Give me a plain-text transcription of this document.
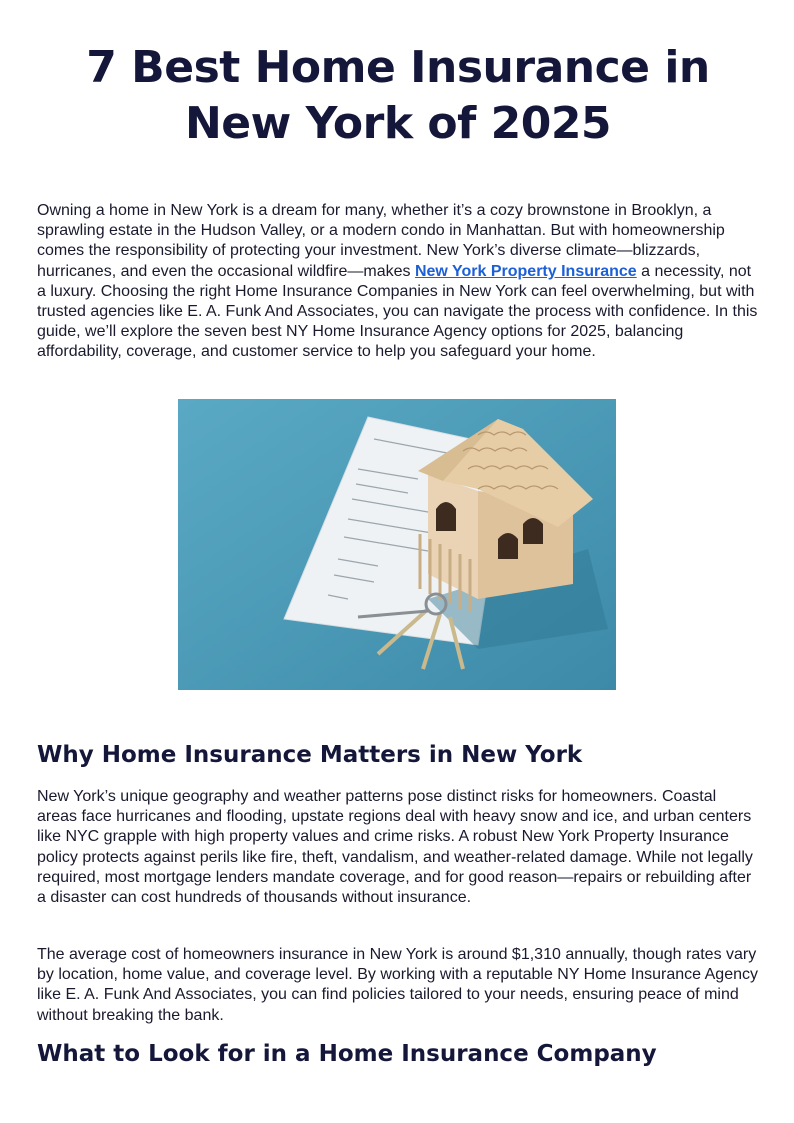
7 Best Home Insurance in New York of 2025

Owning a home in New York is a dream for many, whether it’s a cozy brownstone in Brooklyn, a sprawling estate in the Hudson Valley, or a modern condo in Manhattan. But with homeownership comes the responsibility of protecting your investment. New York’s diverse climate—blizzards, hurricanes, and even the occasional wildfire—makes New York Property Insurance a necessity, not a luxury. Choosing the right Home Insurance Companies in New York can feel overwhelming, but with trusted agencies like E. A. Funk And Associates, you can navigate the process with confidence. In this guide, we’ll explore the seven best NY Home Insurance Agency options for 2025, balancing affordability, coverage, and customer service to help you safeguard your home.

Why Home Insurance Matters in New York

New York’s unique geography and weather patterns pose distinct risks for homeowners. Coastal areas face hurricanes and flooding, upstate regions deal with heavy snow and ice, and urban centers like NYC grapple with high property values and crime risks. A robust New York Property Insurance policy protects against perils like fire, theft, vandalism, and weather-related damage. While not legally required, most mortgage lenders mandate coverage, and for good reason—repairs or rebuilding after a disaster can cost hundreds of thousands without insurance.

The average cost of homeowners insurance in New York is around $1,310 annually, though rates vary by location, home value, and coverage level. By working with a reputable NY Home Insurance Agency like E. A. Funk And Associates, you can find policies tailored to your needs, ensuring peace of mind without breaking the bank.

What to Look for in a Home Insurance Company
